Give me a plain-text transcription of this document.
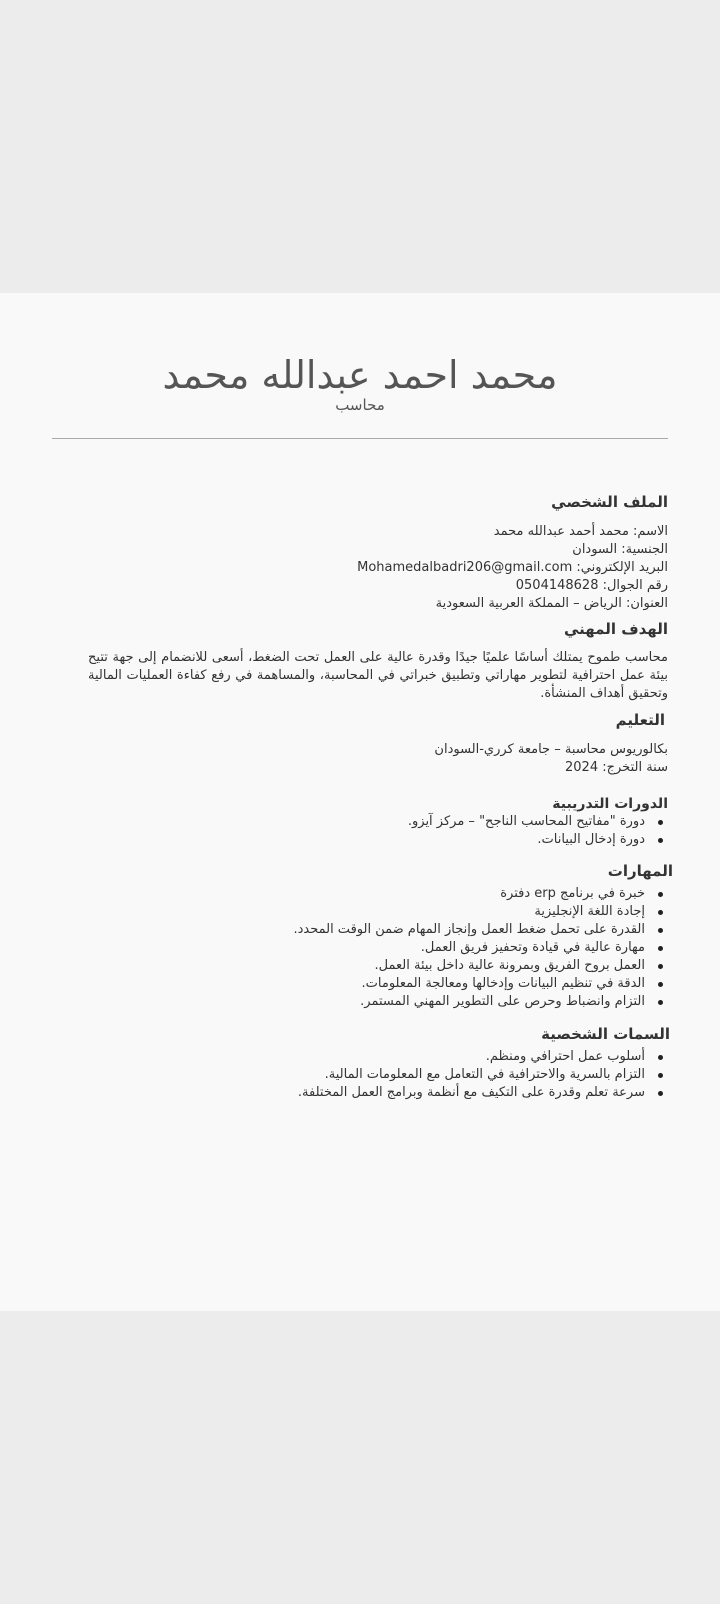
محمد احمد عبدالله محمد
محاسب
الملف الشخصي
الاسم: محمد أحمد عبدالله محمد
الجنسية: السودان
البريد الإلكتروني: Mohamedalbadri206@gmail.com
رقم الجوال: 0504148628
العنوان: الرياض – المملكة العربية السعودية
الهدف المهني
محاسب طموح يمتلك أساسًا علميًا جيدًا وقدرة عالية على العمل تحت الضغط، أسعى للانضمام إلى جهة تتيح بيئة عمل احترافية لتطوير مهاراتي وتطبيق خبراتي في المحاسبة، والمساهمة في رفع كفاءة العمليات المالية وتحقيق أهداف المنشأة.
التعليم
بكالوريوس محاسبة – جامعة كرري-السودان
سنة التخرج: 2024
الدورات التدريبية
دورة "مفاتيح المحاسب الناجح" – مركز آيزو.
دورة إدخال البيانات.
المهارات
خبرة في برنامج erp دفترة
إجادة اللغة الإنجليزية
القدرة على تحمل ضغط العمل وإنجاز المهام ضمن الوقت المحدد.
مهارة عالية في قيادة وتحفيز فريق العمل.
العمل بروح الفريق وبمرونة عالية داخل بيئة العمل.
الدقة في تنظيم البيانات وإدخالها ومعالجة المعلومات.
التزام وانضباط وحرص على التطوير المهني المستمر.
السمات الشخصية
أسلوب عمل احترافي ومنظم.
التزام بالسرية والاحترافية في التعامل مع المعلومات المالية.
سرعة تعلم وقدرة على التكيف مع أنظمة وبرامج العمل المختلفة.
